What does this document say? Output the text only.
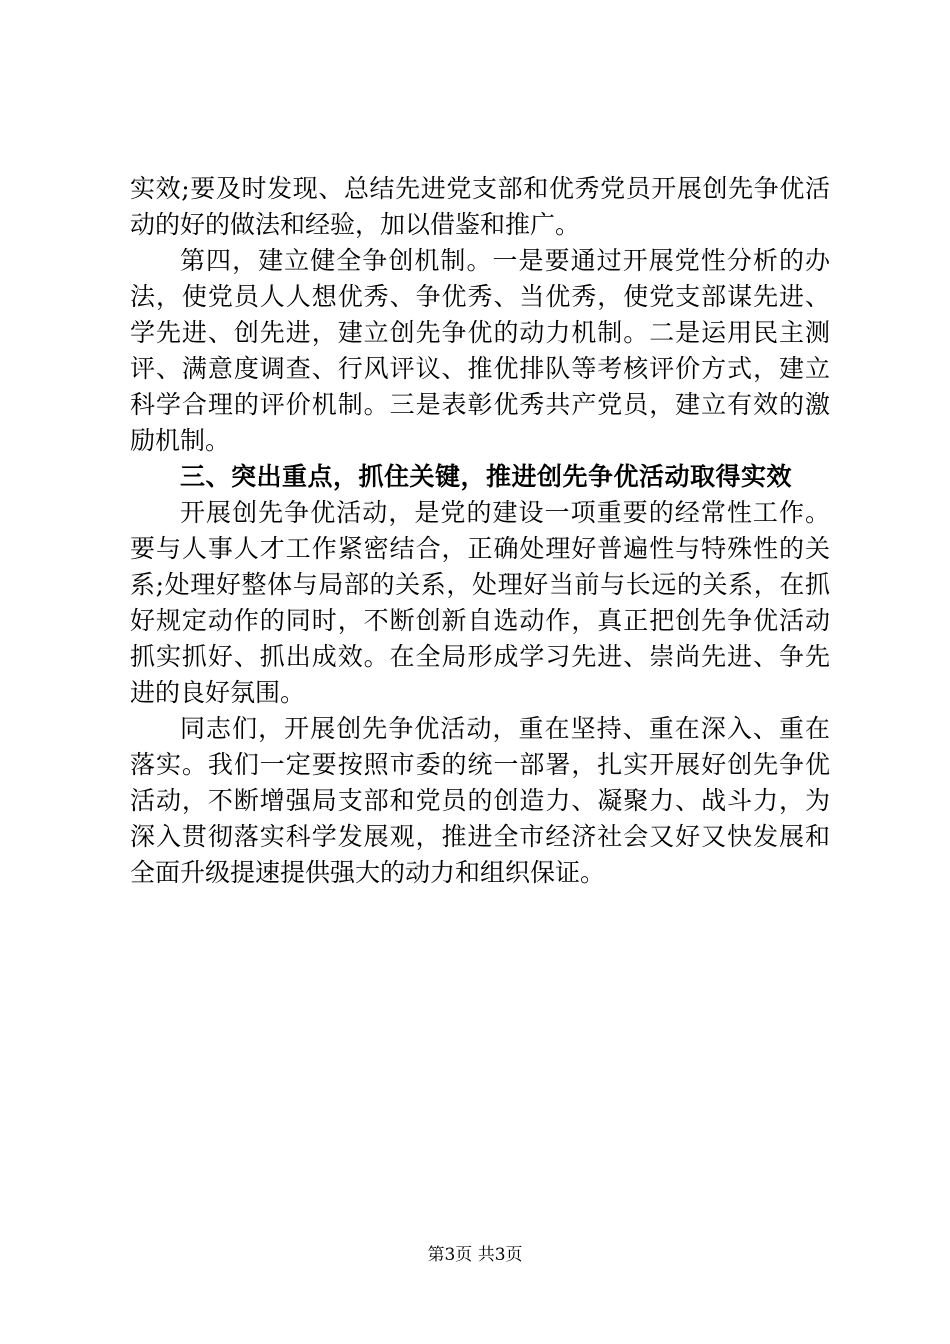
实效;要及时发现、总结先进党支部和优秀党员开展创先争优活
动的好的做法和经验，加以借鉴和推广。
第四，建立健全争创机制。一是要通过开展党性分析的办
法，使党员人人想优秀、争优秀、当优秀，使党支部谋先进、
学先进、创先进，建立创先争优的动力机制。二是运用民主测
评、满意度调查、行风评议、推优排队等考核评价方式，建立
科学合理的评价机制。三是表彰优秀共产党员，建立有效的激
励机制。
三、突出重点，抓住关键，推进创先争优活动取得实效
开展创先争优活动，是党的建设一项重要的经常性工作。
要与人事人才工作紧密结合，正确处理好普遍性与特殊性的关
系;处理好整体与局部的关系，处理好当前与长远的关系，在抓
好规定动作的同时，不断创新自选动作，真正把创先争优活动
抓实抓好、抓出成效。在全局形成学习先进、崇尚先进、争先
进的良好氛围。
同志们，开展创先争优活动，重在坚持、重在深入、重在
落实。我们一定要按照市委的统一部署，扎实开展好创先争优
活动，不断增强局支部和党员的创造力、凝聚力、战斗力，为
深入贯彻落实科学发展观，推进全市经济社会又好又快发展和
全面升级提速提供强大的动力和组织保证。
第3页 共3页
